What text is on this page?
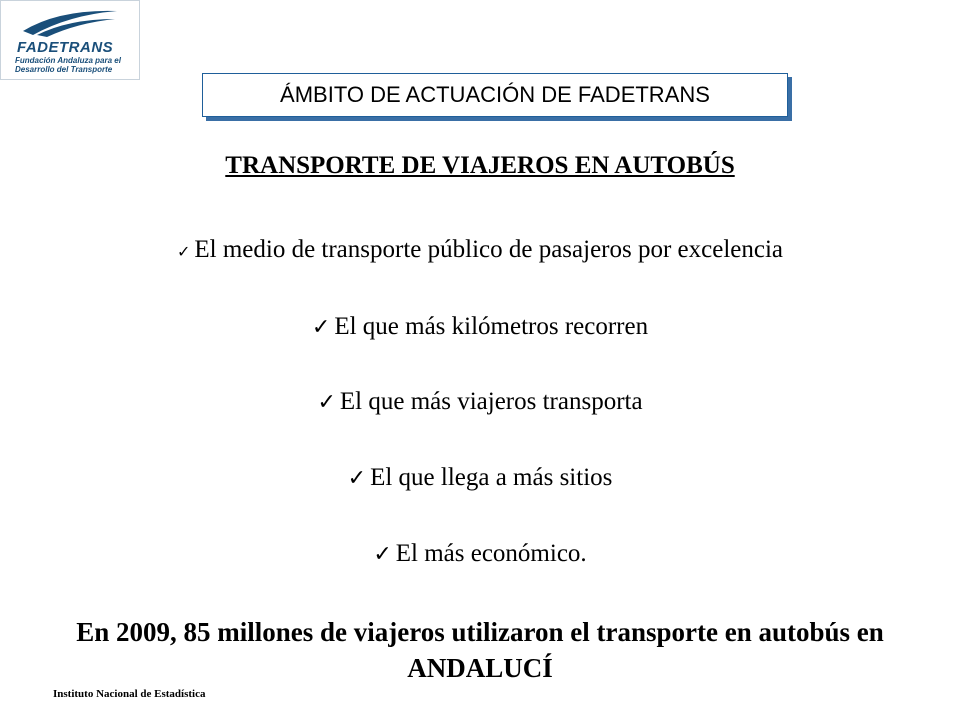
FADETRANS
Fundación Andaluza para el Desarrollo del Transporte
ÁMBITO DE ACTUACIÓN DE FADETRANS
TRANSPORTE DE VIAJEROS EN AUTOBÚS
✓ El medio de transporte público de pasajeros por excelencia
✓ El que más kilómetros recorren
✓ El que más viajeros transporta
✓ El que llega a más sitios
✓ El más económico.
En 2009, 85 millones de viajeros utilizaron el transporte en autobús en ANDALUCÍ
Instituto Nacional de Estadística
